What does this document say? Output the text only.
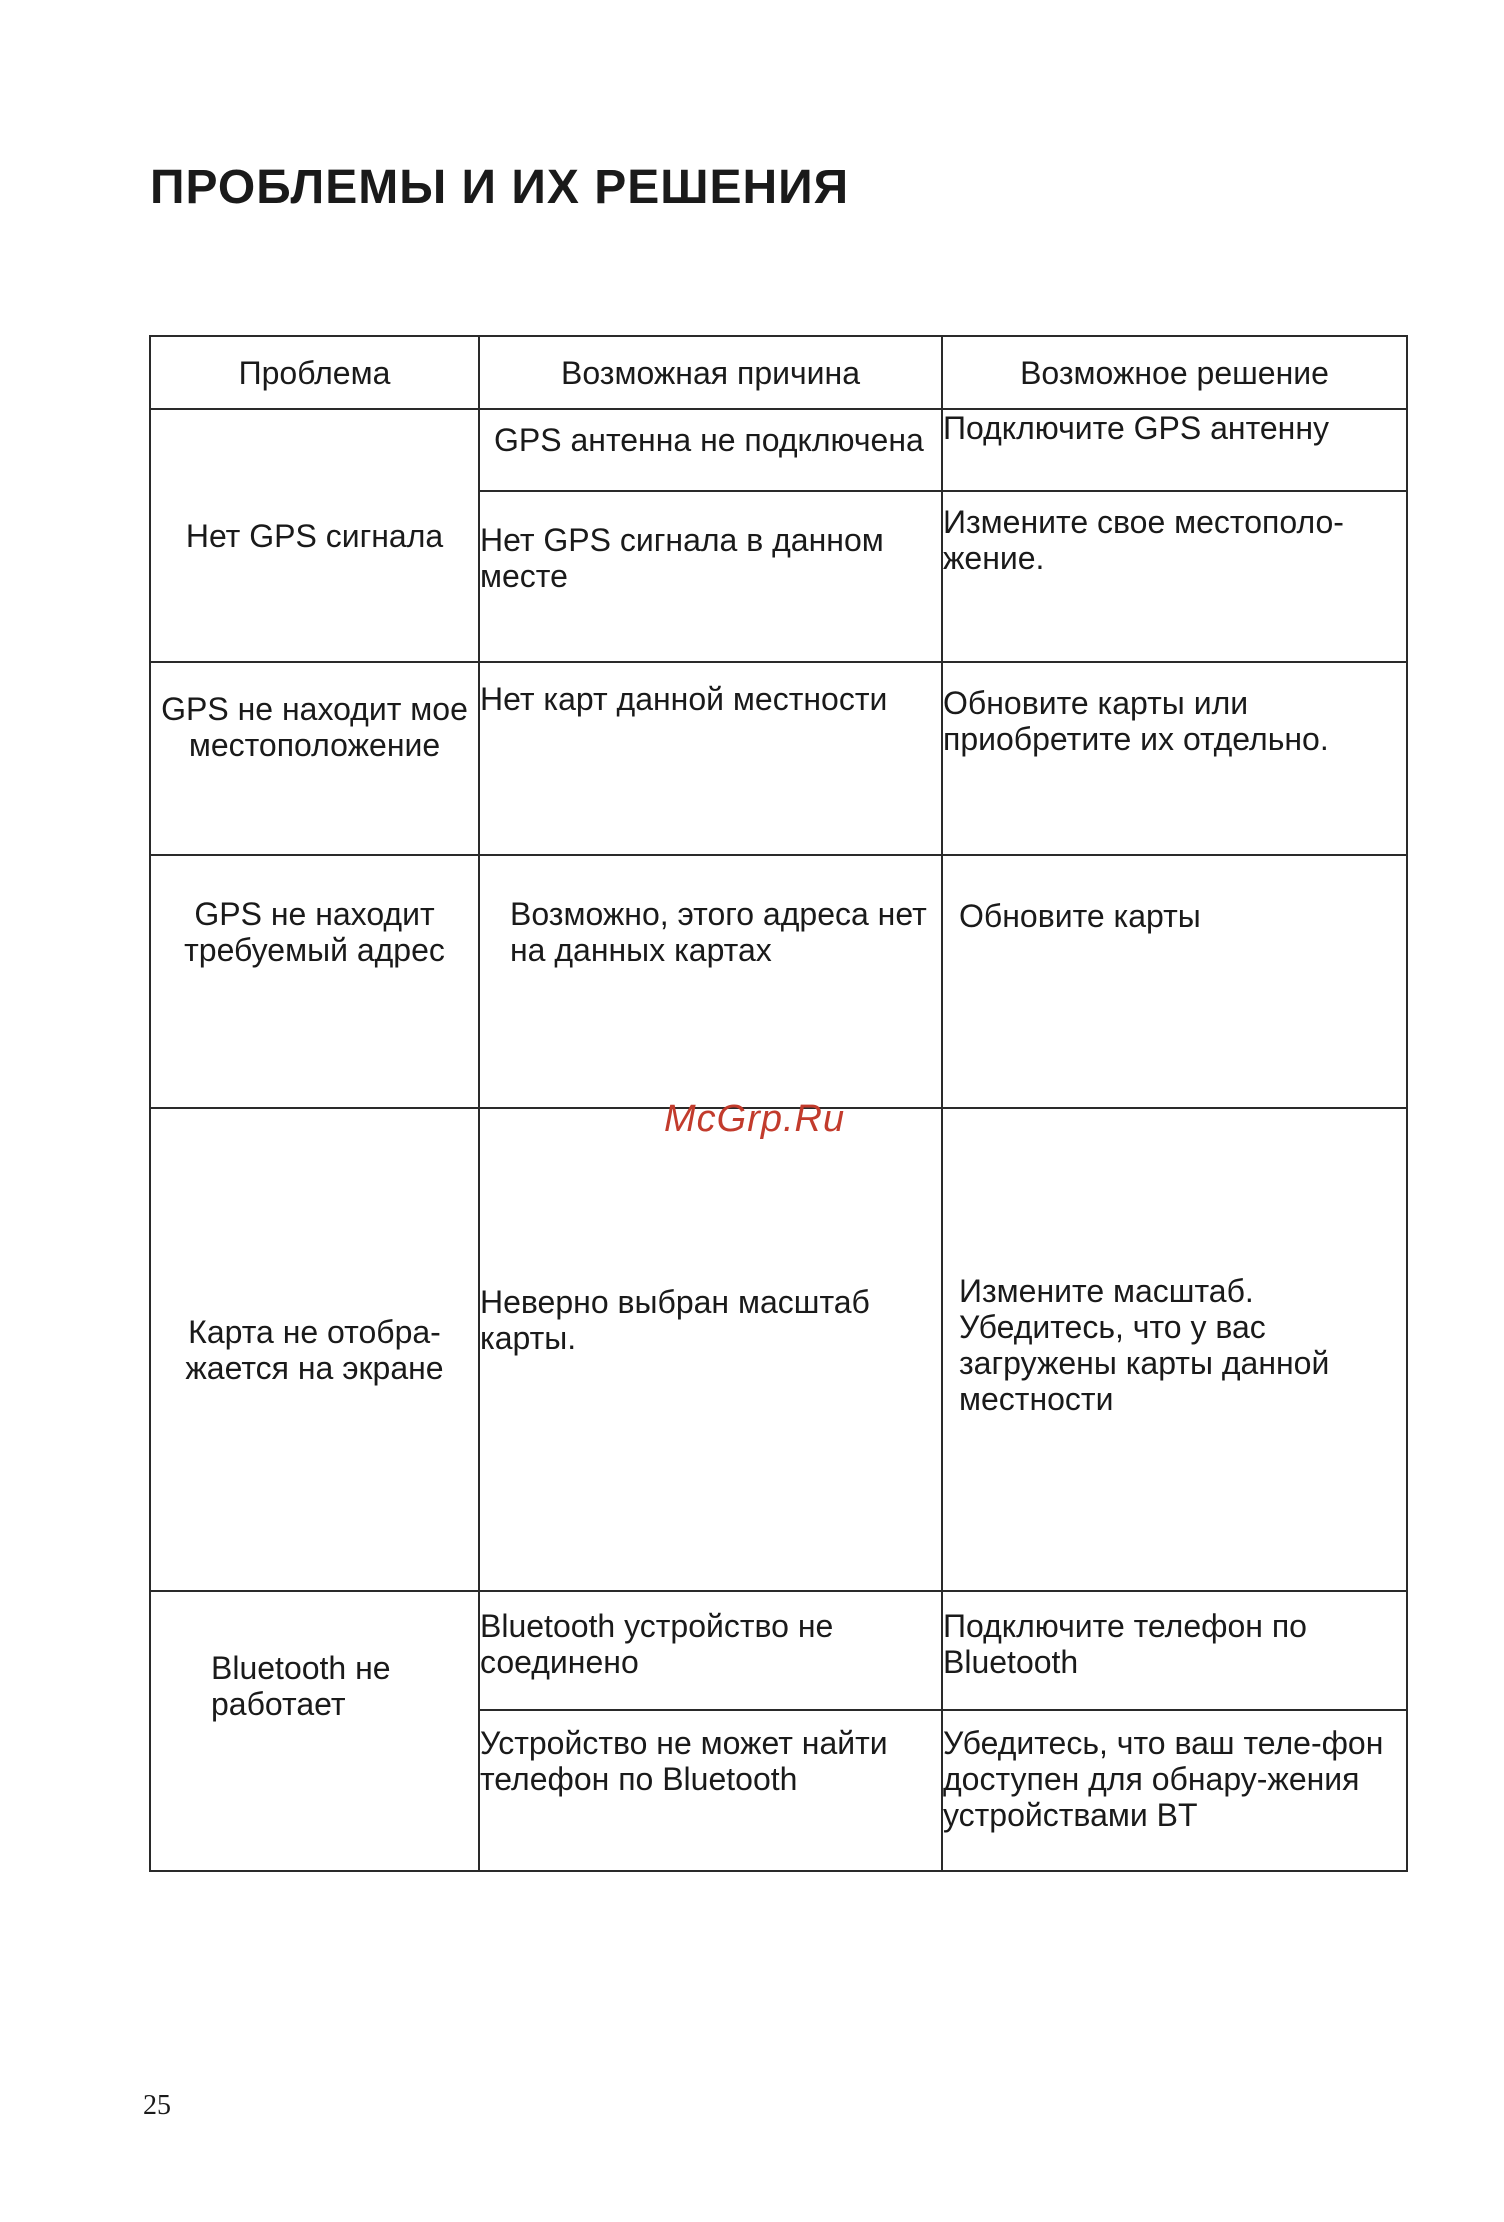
ПРОБЛЕМЫ И ИХ РЕШЕНИЯ
Проблема	Возможная причина	Возможное решение
Нет GPS сигнала	GPS антенна не подключена	Подключите GPS антенну
	Нет GPS сигнала в данном месте	Измените свое местополо-жение.
GPS не находит мое местоположение	Нет карт данной местности	Обновите карты или приобретите их отдельно.
GPS не находит требуемый адрес	Возможно, этого адреса нет на данных картах	Обновите карты
Карта не отобра-жается на экране	Неверно выбран масштаб карты.	Измените масштаб. Убедитесь, что у вас загружены карты данной местности
Bluetooth не работает	Bluetooth устройство не соединено	Подключите телефон по Bluetooth
	Устройство не может найти телефон по Bluetooth	Убедитесь, что ваш теле-фон доступен для обнару-жения устройствами BT
McGrp.Ru
25
